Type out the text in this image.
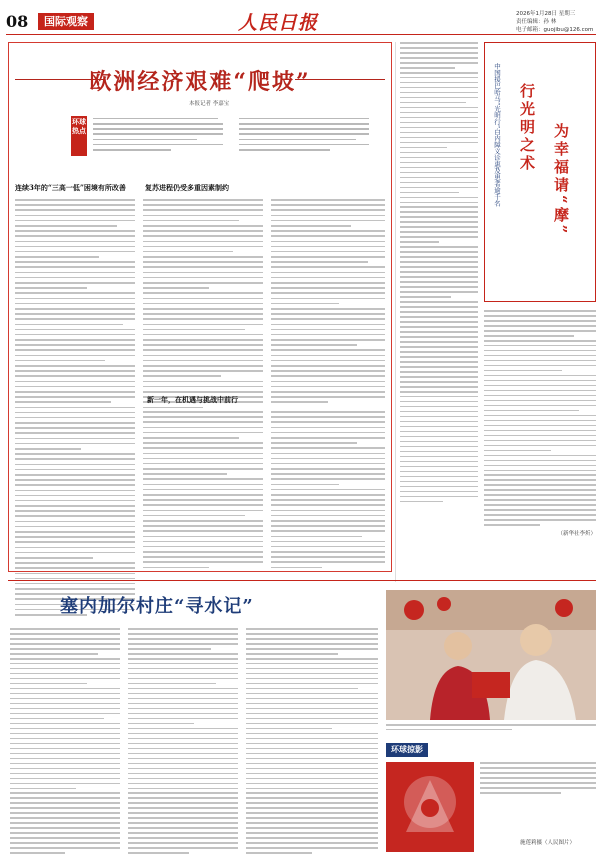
08	国际观察	人民日报	2026年1月28日 星期三
责任编辑：孙 林
电子邮箱：guojibu@126.com
欧洲经济艰难“爬坡”
本报记者 李嘉宝
环球热点
连续3年的“三高一低”困境有所改善	复苏进程仍受多重因素制约
新一年，在机遇与挑战中前行
中国援巴哈马“光明行”白内障义诊惠及患者逾千名 行光明之术 为幸福请“摩”
（新华社李炘）
塞内加尔村庄“寻水记”
环球掠影
施莲莉摄（人民图片）
